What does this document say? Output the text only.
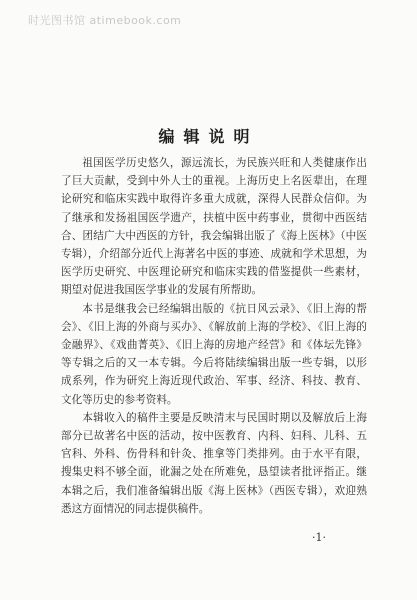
时光图书馆 atimebook.com
编辑说明

祖国医学历史悠久，源远流长，为民族兴旺和人类健康作出了巨大贡献，受到中外人士的重视。上海历史上名医辈出，在理论研究和临床实践中取得许多重大成就，深得人民群众信仰。为了继承和发扬祖国医学遗产，扶植中医中药事业，贯彻中西医结合、团结广大中西医的方针，我会编辑出版了《海上医林》（中医专辑），介绍部分近代上海著名中医的事迹、成就和学术思想，为医学历史研究、中医理论研究和临床实践的借鉴提供一些素材，期望对促进我国医学事业的发展有所帮助。

本书是继我会已经编辑出版的《抗日风云录》、《旧上海的帮会》、《旧上海的外商与买办》、《解放前上海的学校》、《旧上海的金融界》、《戏曲菁英》、《旧上海的房地产经营》和《体坛先锋》等专辑之后的又一本专辑。今后将陆续编辑出版一些专辑，以形成系列，作为研究上海近现代政治、军事、经济、科技、教育、文化等历史的参考资料。

本辑收入的稿件主要是反映清末与民国时期以及解放后上海部分已故著名中医的活动，按中医教育、内科、妇科、儿科、五官科、外科、伤骨科和针灸、推拿等门类排列。由于水平有限，搜集史料不够全面，讹漏之处在所难免，恳望读者批评指正。继本辑之后，我们准备编辑出版《海上医林》（西医专辑），欢迎熟悉这方面情况的同志提供稿件。

·1·
